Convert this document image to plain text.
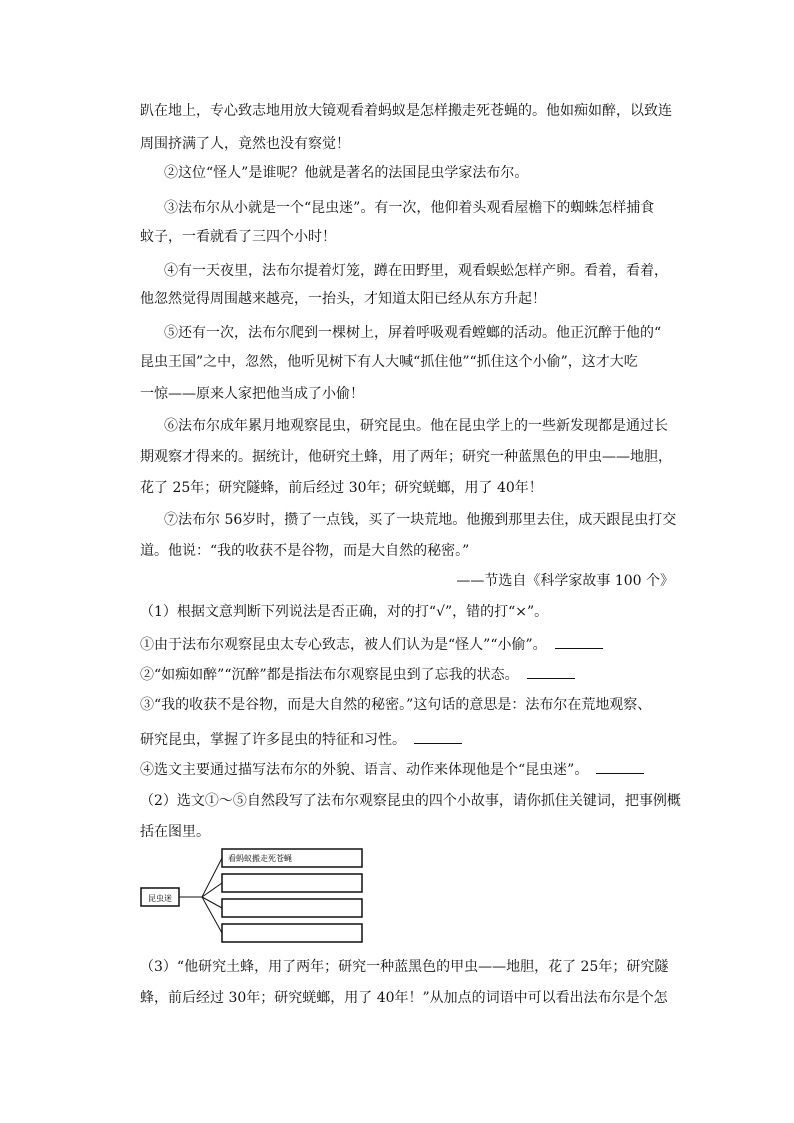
趴在地上，专心致志地用放大镜观看着蚂蚁是怎样搬走死苍蝇的。他如痴如醉，以致连
周围挤满了人，竟然也没有察觉！
②这位“怪人”是谁呢？他就是著名的法国昆虫学家法布尔。
③法布尔从小就是一个“昆虫迷”。有一次，他仰着头观看屋檐下的蜘蛛怎样捕食
蚊子，一看就看了三四个小时！
④有一天夜里，法布尔提着灯笼，蹲在田野里，观看蜈蚣怎样产卵。看着，看着，
他忽然觉得周围越来越亮，一抬头，才知道太阳已经从东方升起！
⑤还有一次，法布尔爬到一棵树上，屏着呼吸观看螳螂的活动。他正沉醉于他的“
昆虫王国”之中，忽然，他听见树下有人大喊“抓住他”“抓住这个小偷”，这才大吃
一惊——原来人家把他当成了小偷！
⑥法布尔成年累月地观察昆虫，研究昆虫。他在昆虫学上的一些新发现都是通过长
期观察才得来的。据统计，他研究土蜂，用了两年；研究一种蓝黑色的甲虫——地胆，
花了 25年；研究隧蜂，前后经过 30年；研究蜣螂，用了 40年！
⑦法布尔 56岁时，攒了一点钱，买了一块荒地。他搬到那里去住，成天跟昆虫打交
道。他说：“我的收获不是谷物，而是大自然的秘密。”
——节选自《科学家故事 100 个》
（1）根据文意判断下列说法是否正确，对的打“√”，错的打“×”。
①由于法布尔观察昆虫太专心致志，被人们认为是“怪人”“小偷”。
②“如痴如醉”“沉醉”都是指法布尔观察昆虫到了忘我的状态。
③“我的收获不是谷物，而是大自然的秘密。”这句话的意思是：法布尔在荒地观察、
研究昆虫，掌握了许多昆虫的特征和习性。
④选文主要通过描写法布尔的外貌、语言、动作来体现他是个“昆虫迷”。
（2）选文①～⑤自然段写了法布尔观察昆虫的四个小故事，请你抓住关键词，把事例概
括在图里。
昆虫迷
看蚂蚁搬走死苍蝇
（3）“他研究土蜂，用了两年；研究一种蓝黑色的甲虫——地胆，花了 25年；研究隧
蜂，前后经过 30年；研究蜣螂，用了 40年！”从加点的词语中可以看出法布尔是个怎
